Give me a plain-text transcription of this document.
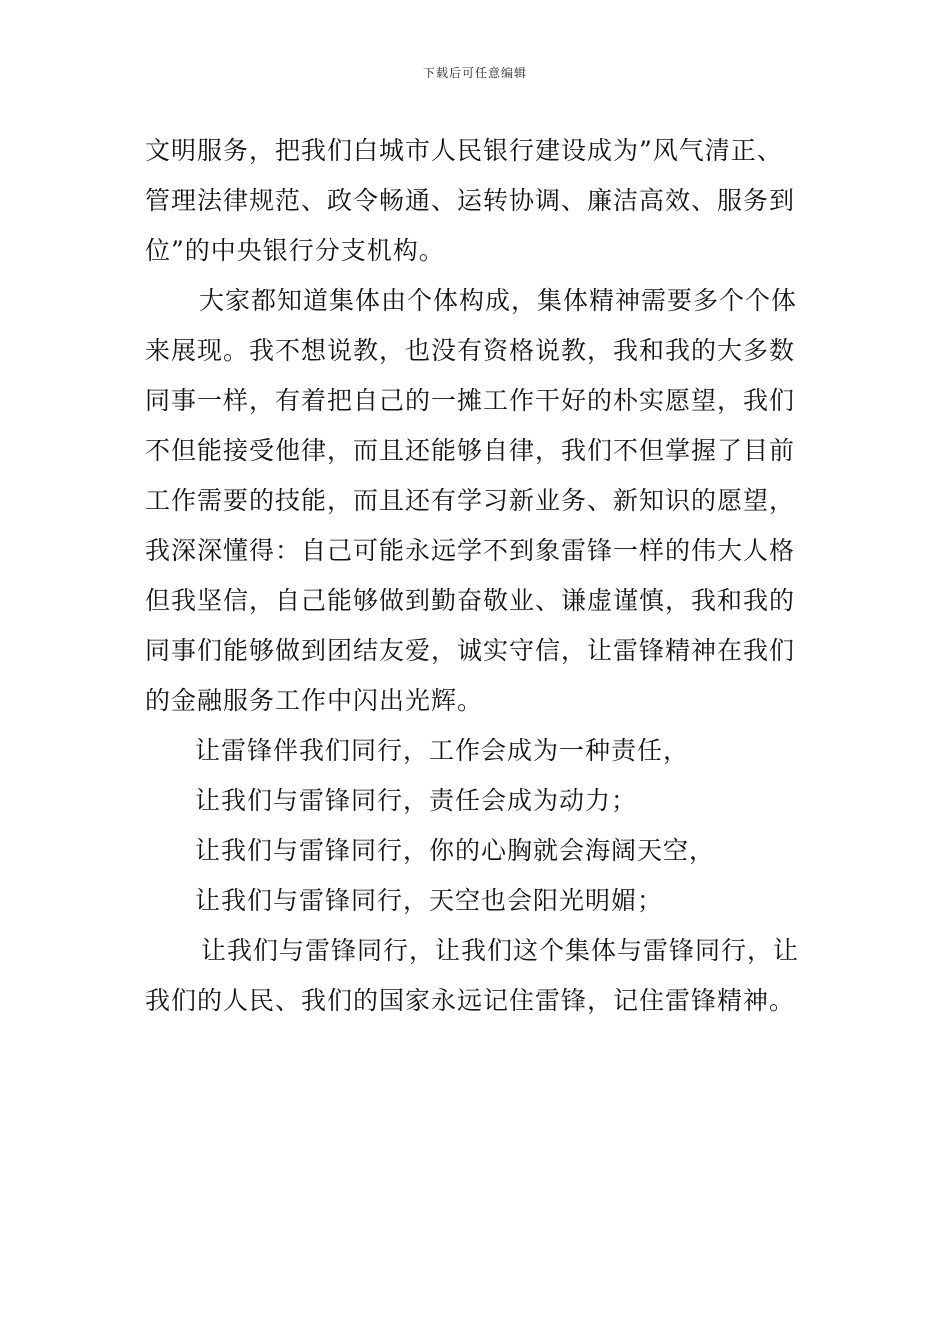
下载后可任意编辑

文明服务，把我们白城市人民银行建设成为”风气清正、
管理法律规范、政令畅通、运转协调、廉洁高效、服务到
位”的中央银行分支机构。

大家都知道集体由个体构成，集体精神需要多个个体
来展现。我不想说教，也没有资格说教，我和我的大多数
同事一样，有着把自己的一摊工作干好的朴实愿望，我们
不但能接受他律，而且还能够自律，我们不但掌握了目前
工作需要的技能，而且还有学习新业务、新知识的愿望，
我深深懂得：自己可能永远学不到象雷锋一样的伟大人格
但我坚信，自己能够做到勤奋敬业、谦虚谨慎，我和我的
同事们能够做到团结友爱，诚实守信，让雷锋精神在我们
的金融服务工作中闪出光辉。

让雷锋伴我们同行，工作会成为一种责任，

让我们与雷锋同行，责任会成为动力；

让我们与雷锋同行，你的心胸就会海阔天空，

让我们与雷锋同行，天空也会阳光明媚；

让我们与雷锋同行，让我们这个集体与雷锋同行，让
我们的人民、我们的国家永远记住雷锋，记住雷锋精神。
